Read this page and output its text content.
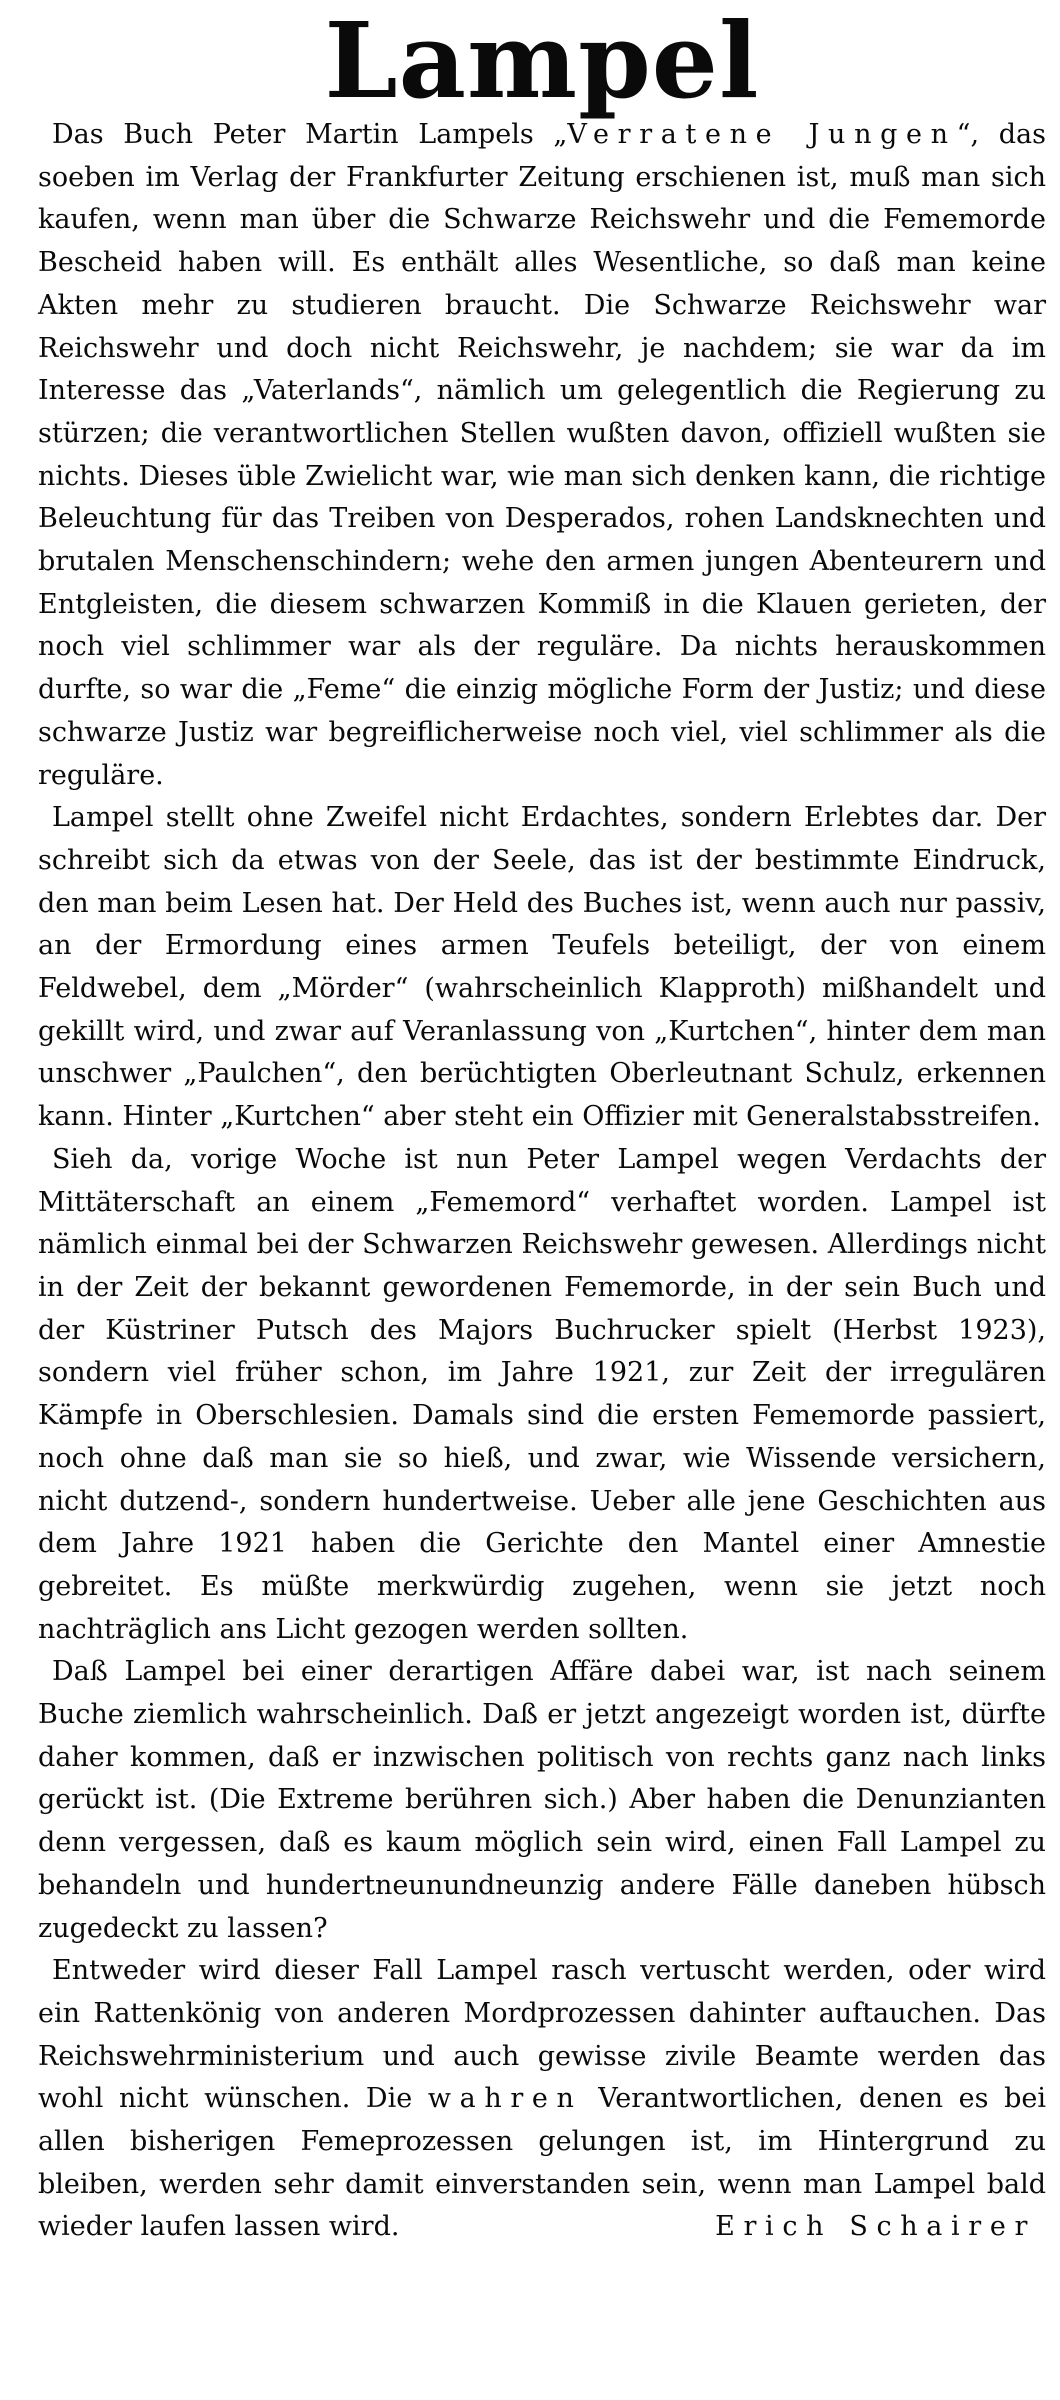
Lampel

Das Buch Peter Martin Lampels „Verratene Jungen“, das soeben im Verlag der Frankfurter Zeitung erschienen ist, muß man sich kaufen, wenn man über die Schwarze Reichswehr und die Fememorde Bescheid haben will. Es enthält alles Wesentliche, so daß man keine Akten mehr zu studieren braucht. Die Schwarze Reichswehr war Reichswehr und doch nicht Reichswehr, je nachdem; sie war da im Interesse das „Vaterlands“, nämlich um gelegentlich die Regierung zu stürzen; die verantwortlichen Stellen wußten davon, offiziell wußten sie nichts. Dieses üble Zwielicht war, wie man sich denken kann, die richtige Beleuchtung für das Treiben von Desperados, rohen Landsknechten und brutalen Menschenschindern; wehe den armen jungen Abenteurern und Entgleisten, die diesem schwarzen Kommiß in die Klauen gerieten, der noch viel schlimmer war als der reguläre. Da nichts herauskommen durfte, so war die „Feme“ die einzig mögliche Form der Justiz; und diese schwarze Justiz war begreiflicherweise noch viel, viel schlimmer als die reguläre.

Lampel stellt ohne Zweifel nicht Erdachtes, sondern Erlebtes dar. Der schreibt sich da etwas von der Seele, das ist der bestimmte Eindruck, den man beim Lesen hat. Der Held des Buches ist, wenn auch nur passiv, an der Ermordung eines armen Teufels beteiligt, der von einem Feldwebel, dem „Mörder“ (wahrscheinlich Klapproth) mißhandelt und gekillt wird, und zwar auf Veranlassung von „Kurtchen“, hinter dem man unschwer „Paulchen“, den berüchtigten Oberleutnant Schulz, erkennen kann. Hinter „Kurtchen“ aber steht ein Offizier mit Generalstabsstreifen.

Sieh da, vorige Woche ist nun Peter Lampel wegen Verdachts der Mittäterschaft an einem „Fememord“ verhaftet worden. Lampel ist nämlich einmal bei der Schwarzen Reichswehr gewesen. Allerdings nicht in der Zeit der bekannt gewordenen Fememorde, in der sein Buch und der Küstriner Putsch des Majors Buchrucker spielt (Herbst 1923), sondern viel früher schon, im Jahre 1921, zur Zeit der irregulären Kämpfe in Oberschlesien. Damals sind die ersten Fememorde passiert, noch ohne daß man sie so hieß, und zwar, wie Wissende versichern, nicht dutzend-, sondern hundertweise. Ueber alle jene Geschichten aus dem Jahre 1921 haben die Gerichte den Mantel einer Amnestie gebreitet. Es müßte merkwürdig zugehen, wenn sie jetzt noch nachträglich ans Licht gezogen werden sollten.

Daß Lampel bei einer derartigen Affäre dabei war, ist nach seinem Buche ziemlich wahrscheinlich. Daß er jetzt angezeigt worden ist, dürfte daher kommen, daß er inzwischen politisch von rechts ganz nach links gerückt ist. (Die Extreme berühren sich.) Aber haben die Denunzianten denn vergessen, daß es kaum möglich sein wird, einen Fall Lampel zu behandeln und hundertneunundneunzig andere Fälle daneben hübsch zugedeckt zu lassen?

Entweder wird dieser Fall Lampel rasch vertuscht werden, oder wird ein Rattenkönig von anderen Mordprozessen dahinter auftauchen. Das Reichswehrministerium und auch gewisse zivile Beamte werden das wohl nicht wünschen. Die wahren Verantwortlichen, denen es bei allen bisherigen Femeprozessen gelungen ist, im Hintergrund zu bleiben, werden sehr damit einverstanden sein, wenn man Lampel bald wieder laufen lassen wird.	Erich Schairer
